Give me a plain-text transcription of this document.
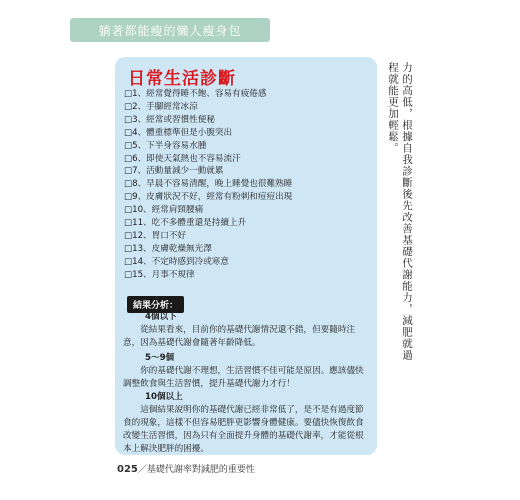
躺著都能瘦的懶人瘦身包
日常生活診斷
□1、經常覺得睡不飽、容易有疲倦感
□2、手腳經常冰涼
□3、經常或習慣性便秘
□4、體重標準但是小腹突出
□5、下半身容易水腫
□6、即使天氣熱也不容易流汗
□7、活動量減少一動就累
□8、早晨不容易清醒，晚上睡覺也很難熟睡
□9、皮膚狀況不好，經常有粉刺和痘痘出現
□10、經常肩頸腰痛
□11、吃不多體重還是持續上升
□12、胃口不好
□13、皮膚乾燥無光澤
□14、不定時感到冷或寒意
□15、月事不規律
結果分析：
4個以下

從結果看來，目前你的基礎代謝情況還不錯，但要隨時注意，因為基礎代謝會隨著年齡降低。

5～9個

你的基礎代謝不理想，生活習慣不佳可能是原因。應該儘快調整飲食與生活習慣，提升基礎代謝力才行！

10個以上

這個結果說明你的基礎代謝已經非常低了，是不是有過度節食的現象，這樣不但容易肥胖更影響身體健康。要儘快恢復飲食改變生活習慣，因為只有全面提升身體的基礎代謝率，才能從根本上解決肥胖的困擾。

力的高低，根據自我診斷後先改善基礎代謝能力，減肥就過程就能更加輕鬆。
025／基礎代謝率對減肥的重要性
